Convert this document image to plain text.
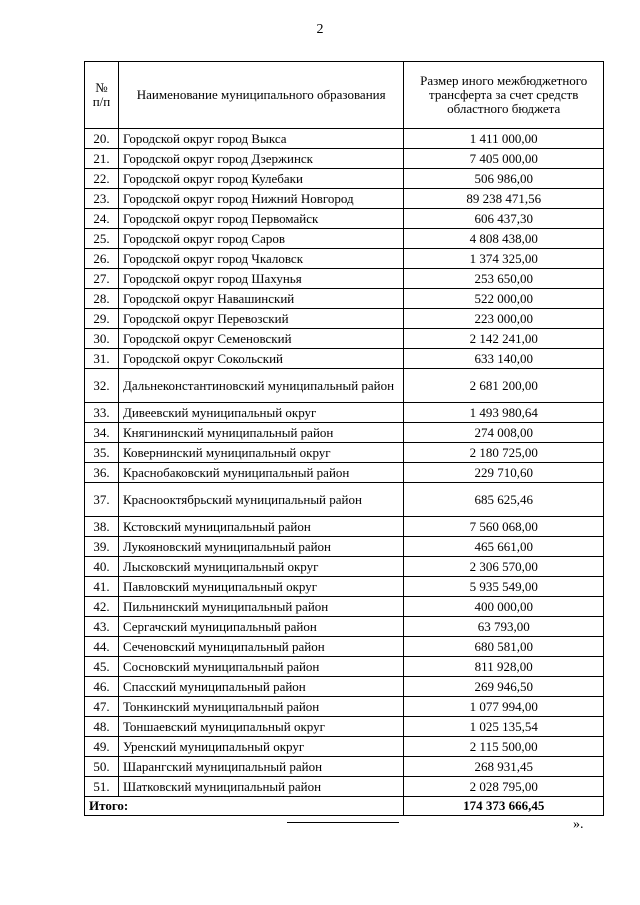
2
№ п/п	Наименование муниципального образования	Размер иного межбюджетного трансферта за счет средств областного бюджета
20.	Городской округ город Выкса	1 411 000,00
21.	Городской округ город Дзержинск	7 405 000,00
22.	Городской округ город Кулебаки	506 986,00
23.	Городской округ город Нижний Новгород	89 238 471,56
24.	Городской округ город Первомайск	606 437,30
25.	Городской округ город Саров	4 808 438,00
26.	Городской округ город Чкаловск	1 374 325,00
27.	Городской округ город Шахунья	253 650,00
28.	Городской округ Навашинский	522 000,00
29.	Городской округ Перевозский	223 000,00
30.	Городской округ Семеновский	2 142 241,00
31.	Городской округ Сокольский	633 140,00
32.	Дальнеконстантиновский муниципальный район	2 681 200,00
33.	Дивеевский муниципальный округ	1 493 980,64
34.	Княгининский муниципальный район	274 008,00
35.	Ковернинский муниципальный округ	2 180 725,00
36.	Краснобаковский муниципальный район	229 710,60
37.	Краснооктябрьский муниципальный район	685 625,46
38.	Кстовский муниципальный район	7 560 068,00
39.	Лукояновский муниципальный район	465 661,00
40.	Лысковский муниципальный округ	2 306 570,00
41.	Павловский муниципальный округ	5 935 549,00
42.	Пильнинский муниципальный район	400 000,00
43.	Сергачский муниципальный район	63 793,00
44.	Сеченовский муниципальный район	680 581,00
45.	Сосновский муниципальный район	811 928,00
46.	Спасский муниципальный район	269 946,50
47.	Тонкинский муниципальный район	1 077 994,00
48.	Тоншаевский муниципальный округ	1 025 135,54
49.	Уренский муниципальный округ	2 115 500,00
50.	Шарангский муниципальный район	268 931,45
51.	Шатковский муниципальный район	2 028 795,00
Итого:		174 373 666,45
».
